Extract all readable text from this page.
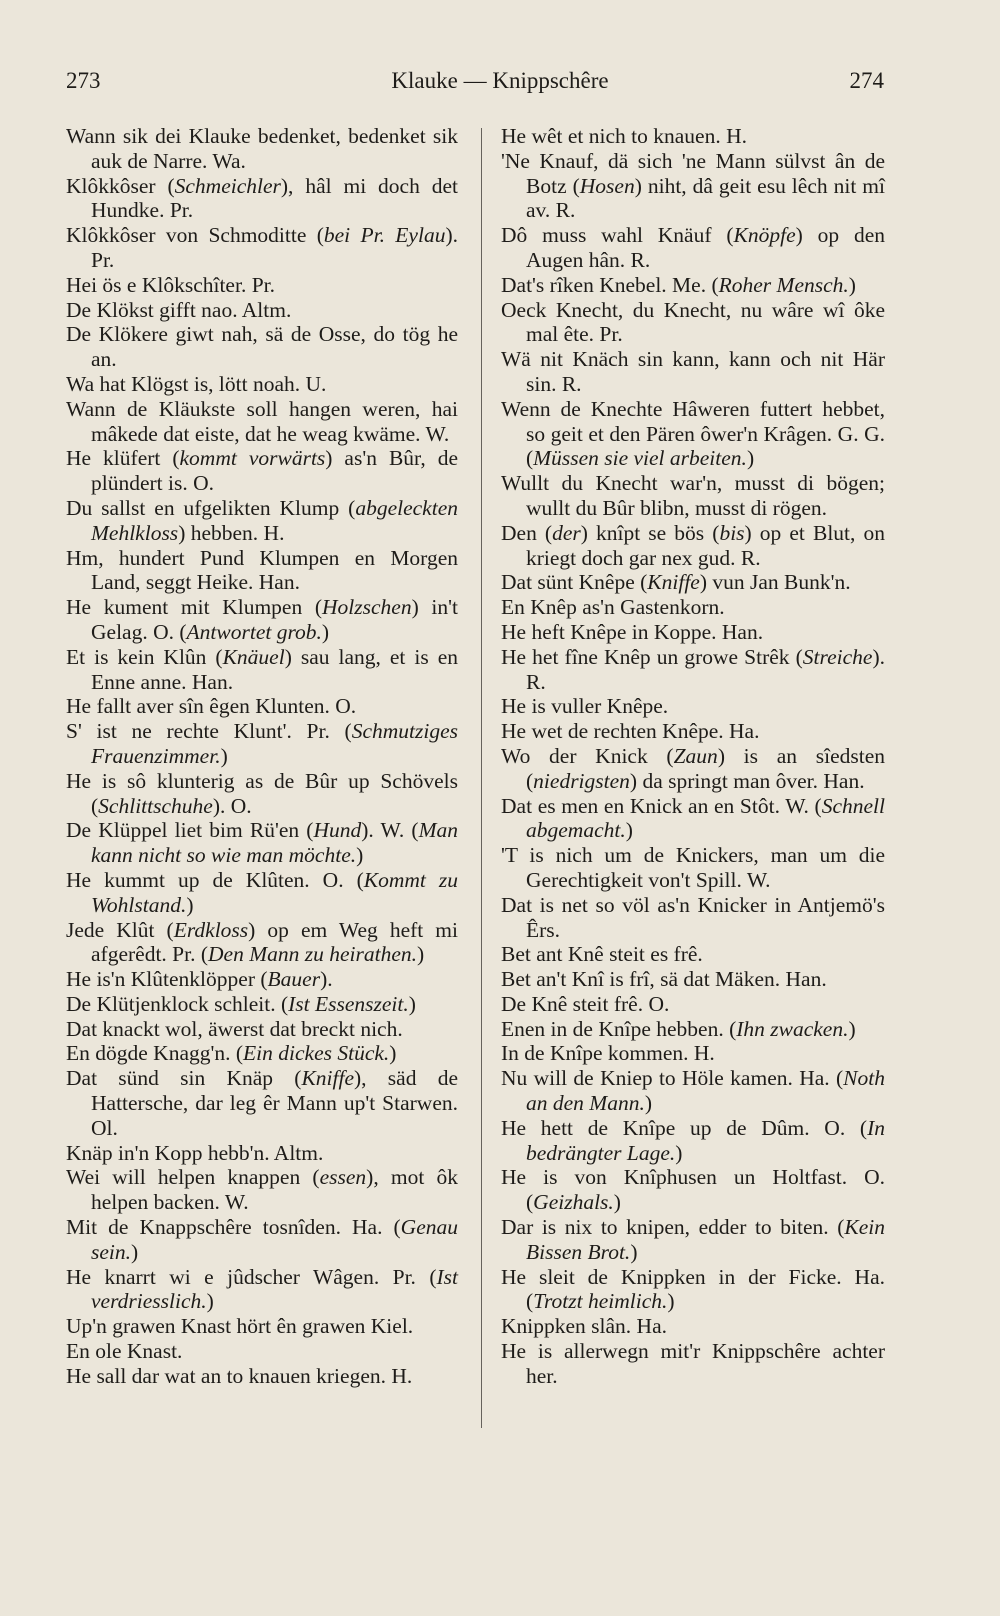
273	Klauke — Knippschêre	274

Wann sik dei Klauke bedenket, bedenket sik auk de Narre. Wa.

Klôkkôser (Schmeichler), hâl mi doch det Hundke. Pr.

Klôkkôser von Schmoditte (bei Pr. Eylau). Pr.

Hei ös e Klôkschîter. Pr.

De Klökst gifft nao. Altm.

De Klökere giwt nah, sä de Osse, do tög he an.

Wa hat Klögst is, lött noah. U.

Wann de Kläukste soll hangen weren, hai mâkede dat eiste, dat he weag kwäme. W.

He klüfert (kommt vorwärts) as'n Bûr, de plündert is. O.

Du sallst en ufgelikten Klump (abgeleckten Mehlkloss) hebben. H.

Hm, hundert Pund Klumpen en Morgen Land, seggt Heike. Han.

He kument mit Klumpen (Holzschen) in't Gelag. O. (Antwortet grob.)

Et is kein Klûn (Knäuel) sau lang, et is en Enne anne. Han.

He fallt aver sîn êgen Klunten. O.

S' ist ne rechte Klunt'. Pr. (Schmutziges Frauenzimmer.)

He is sô klunterig as de Bûr up Schövels (Schlittschuhe). O.

De Klüppel liet bim Rü'en (Hund). W. (Man kann nicht so wie man möchte.)

He kummt up de Klûten. O. (Kommt zu Wohlstand.)

Jede Klût (Erdkloss) op em Weg heft mi afgerêdt. Pr. (Den Mann zu heirathen.)

He is'n Klûtenklöpper (Bauer).

De Klütjenklock schleit. (Ist Essenszeit.)

Dat knackt wol, äwerst dat breckt nich.

En dögde Knagg'n. (Ein dickes Stück.)

Dat sünd sin Knäp (Kniffe), säd de Hattersche, dar leg êr Mann up't Starwen. Ol.

Knäp in'n Kopp hebb'n. Altm.

Wei will helpen knappen (essen), mot ôk helpen backen. W.

Mit de Knappschêre tosnîden. Ha. (Genau sein.)

He knarrt wi e jûdscher Wâgen. Pr. (Ist verdriesslich.)

Up'n grawen Knast hört ên grawen Kiel.

En ole Knast.

He sall dar wat an to knauen kriegen. H.

He wêt et nich to knauen. H.

'Ne Knauf, dä sich 'ne Mann sülvst ân de Botz (Hosen) niht, dâ geit esu lêch nit mî av. R.

Dô muss wahl Knäuf (Knöpfe) op den Augen hân. R.

Dat's rîken Knebel. Me. (Roher Mensch.)

Oeck Knecht, du Knecht, nu wâre wî ôke mal ête. Pr.

Wä nit Knäch sin kann, kann och nit Här sin. R.

Wenn de Knechte Hâweren futtert hebbet, so geit et den Pären ôwer'n Krâgen. G. G. (Müssen sie viel arbeiten.)

Wullt du Knecht war'n, musst di bögen; wullt du Bûr blibn, musst di rögen.

Den (der) knîpt se bös (bis) op et Blut, on kriegt doch gar nex gud. R.

Dat sünt Knêpe (Kniffe) vun Jan Bunk'n.

En Knêp as'n Gastenkorn.

He heft Knêpe in Koppe. Han.

He het fîne Knêp un growe Strêk (Streiche). R.

He is vuller Knêpe.

He wet de rechten Knêpe. Ha.

Wo der Knick (Zaun) is an sîedsten (niedrigsten) da springt man ôver. Han.

Dat es men en Knick an en Stôt. W. (Schnell abgemacht.)

'T is nich um de Knickers, man um die Gerechtigkeit von't Spill. W.

Dat is net so völ as'n Knicker in Antjemö's Êrs.

Bet ant Knê steit es frê.

Bet an't Knî is frî, sä dat Mäken. Han.

De Knê steit frê. O.

Enen in de Knîpe hebben. (Ihn zwacken.)

In de Knîpe kommen. H.

Nu will de Kniep to Höle kamen. Ha. (Noth an den Mann.)

He hett de Knîpe up de Dûm. O. (In bedrängter Lage.)

He is von Knîphusen un Holtfast. O. (Geizhals.)

Dar is nix to knipen, edder to biten. (Kein Bissen Brot.)

He sleit de Knippken in der Ficke. Ha. (Trotzt heimlich.)

Knippken slân. Ha.

He is allerwegn mit'r Knippschêre achter her.
